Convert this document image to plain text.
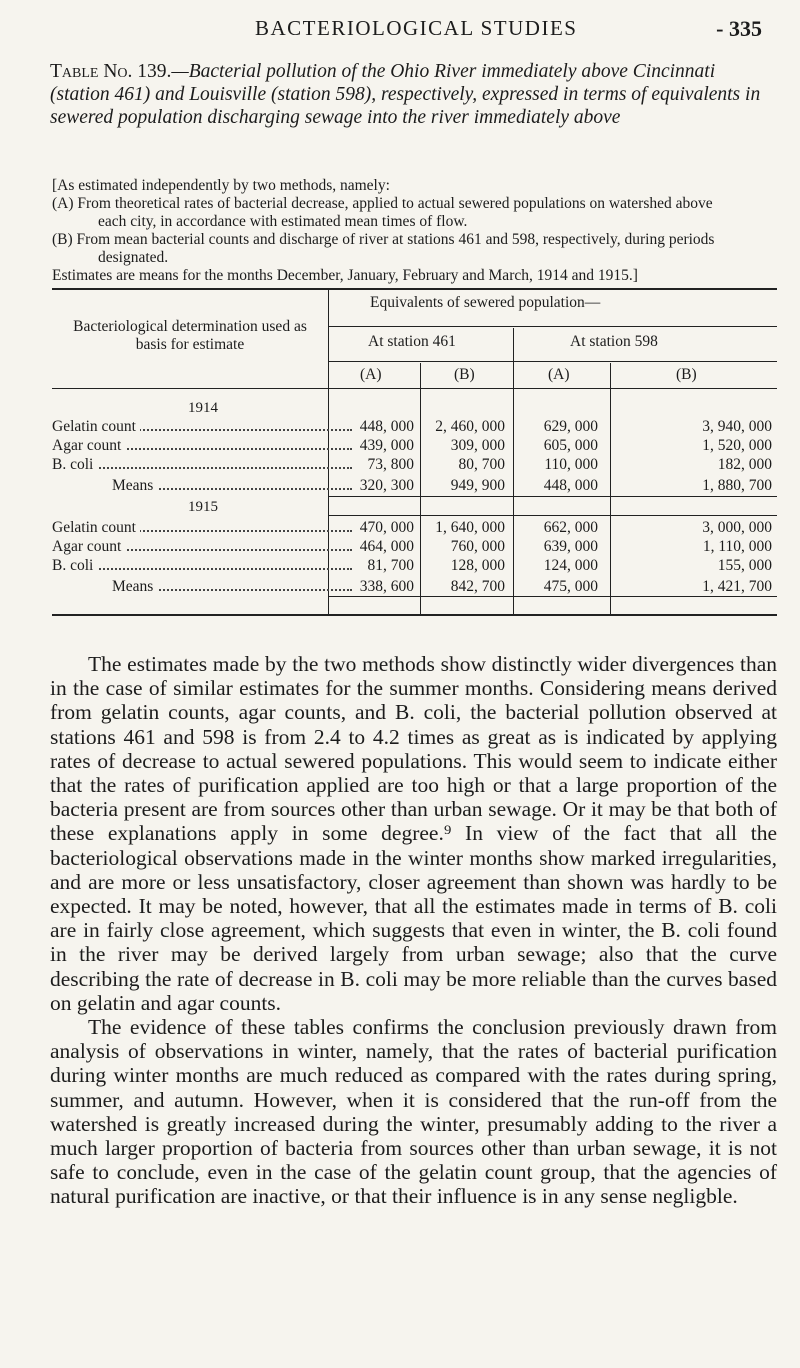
BACTERIOLOGICAL STUDIES	- 335
Table No. 139.—Bacterial pollution of the Ohio River immediately above Cincinnati (station 461) and Louisville (station 598), respectively, expressed in terms of equivalents in sewered population discharging sewage into the river immediately above
[As estimated independently by two methods, namely:
(A) From theoretical rates of bacterial decrease, applied to actual sewered populations on watershed above
each city, in accordance with estimated mean times of flow.
(B) From mean bacterial counts and discharge of river at stations 461 and 598, respectively, during periods
designated.
Estimates are means for the months December, January, February and March, 1914 and 1915.]
Bacteriological determination used as basis for estimate
Equivalents of sewered population—
At station 461	At station 598
(A)	(B)	(A)	(B)
1914
Gelatin count	448, 000	2, 460, 000	629, 000	3, 940, 000
Agar count	439, 000	309, 000	605, 000	1, 520, 000
B. coli	73, 800	80, 700	110, 000	182, 000
Means	320, 300	949, 900	448, 000	1, 880, 700
1915
Gelatin count	470, 000	1, 640, 000	662, 000	3, 000, 000
Agar count	464, 000	760, 000	639, 000	1, 110, 000
B. coli	81, 700	128, 000	124, 000	155, 000
Means	338, 600	842, 700	475, 000	1, 421, 700

The estimates made by the two methods show distinctly wider divergences than in the case of similar estimates for the summer months. Considering means derived from gelatin counts, agar counts, and B. coli, the bacterial pollution observed at stations 461 and 598 is from 2.4 to 4.2 times as great as is indicated by applying rates of decrease to actual sewered populations. This would seem to indicate either that the rates of purification applied are too high or that a large proportion of the bacteria present are from sources other than urban sewage. Or it may be that both of these explanations apply in some degree.⁹ In view of the fact that all the bacteriological observations made in the winter months show marked irregularities, and are more or less unsatisfactory, closer agreement than shown was hardly to be expected. It may be noted, however, that all the estimates made in terms of B. coli are in fairly close agreement, which suggests that even in winter, the B. coli found in the river may be derived largely from urban sewage; also that the curve describing the rate of decrease in B. coli may be more reliable than the curves based on gelatin and agar counts.

The evidence of these tables confirms the conclusion previously drawn from analysis of observations in winter, namely, that the rates of bacterial purification during winter months are much reduced as compared with the rates during spring, summer, and autumn. However, when it is considered that the run-off from the watershed is greatly increased during the winter, presumably adding to the river a much larger proportion of bacteria from sources other than urban sewage, it is not safe to conclude, even in the case of the gelatin count group, that the agencies of natural purification are inactive, or that their influence is in any sense negligble.
